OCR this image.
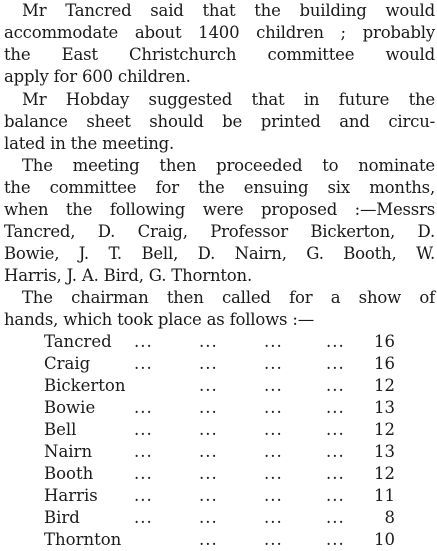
Mr Tancred said that the building would
accommodate about 1400 children ; probably
the East Christchurch committee would
apply for 600 children.
Mr Hobday suggested that in future the
balance sheet should be printed and circu-
lated in the meeting.
The meeting then proceeded to nominate
the committee for the ensuing six months,
when the following were proposed :—Messrs
Tancred, D. Craig, Professor Bickerton, D.
Bowie, J. T. Bell, D. Nairn, G. Booth, W.
Harris, J. A. Bird, G. Thornton.
The chairman then called for a show of
hands, which took place as follows :—
Tancred ...	...	...	... 16
Craig	...	...	...	... 16
Bickerton	...	...	... 12
Bowie ...	...	...	... 13
Bell	...	...	...	... 12
Nairn	...	...	...	... 13
Booth ...	...	...	... 12
Harris ...	...	...	... 11
Bird	...	...	...	... 8
Thornton	...	...	... 10
